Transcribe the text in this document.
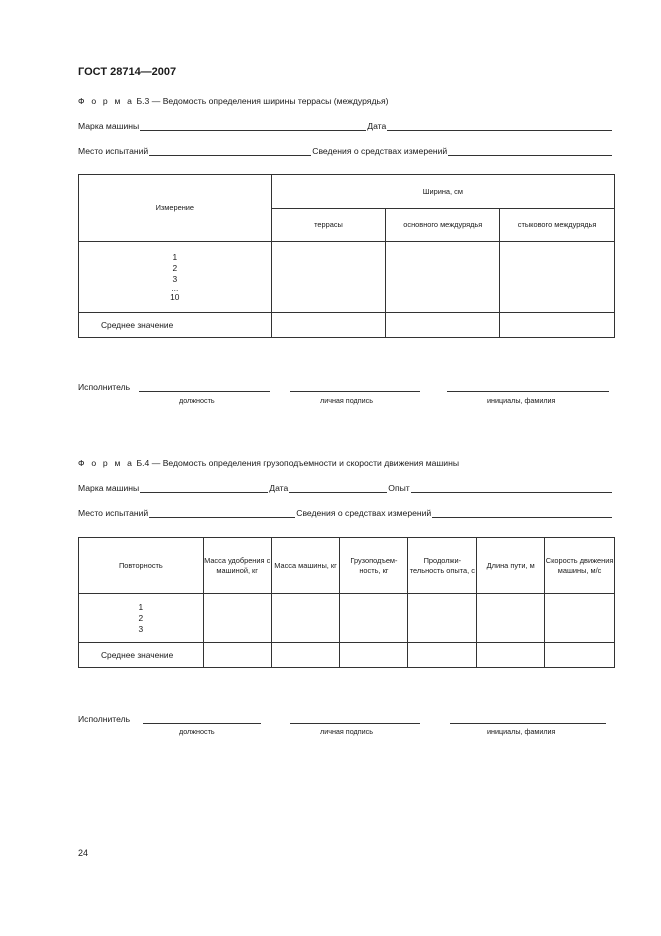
ГОСТ 28714—2007
Ф о р м а Б.3 — Ведомость определения ширины террасы (междурядья)
Марка машины	Дата
Место испытаний	Сведения о средствах измерений
Измерение	Ширина, см		
	террасы	основного междурядья	стыкового междурядья

1
2
3
...
10			

Среднее значение			
Исполнитель
должность	личная подпись	инициалы, фамилия
Ф о р м а Б.4 — Ведомость определения грузоподъемности и скорости движения машины
Марка машины	Дата	Опыт
Место испытаний	Сведения о средствах измерений
Повторность	Масса удобрения с машиной, кг	Масса машины, кг	Грузоподъем-ность, кг	Продолжи-тельность опыта, с	Длина пути, м	Скорость движения машины, м/с

1
2
3						

Среднее значение						
Исполнитель
должность	личная подпись	инициалы, фамилия
24
